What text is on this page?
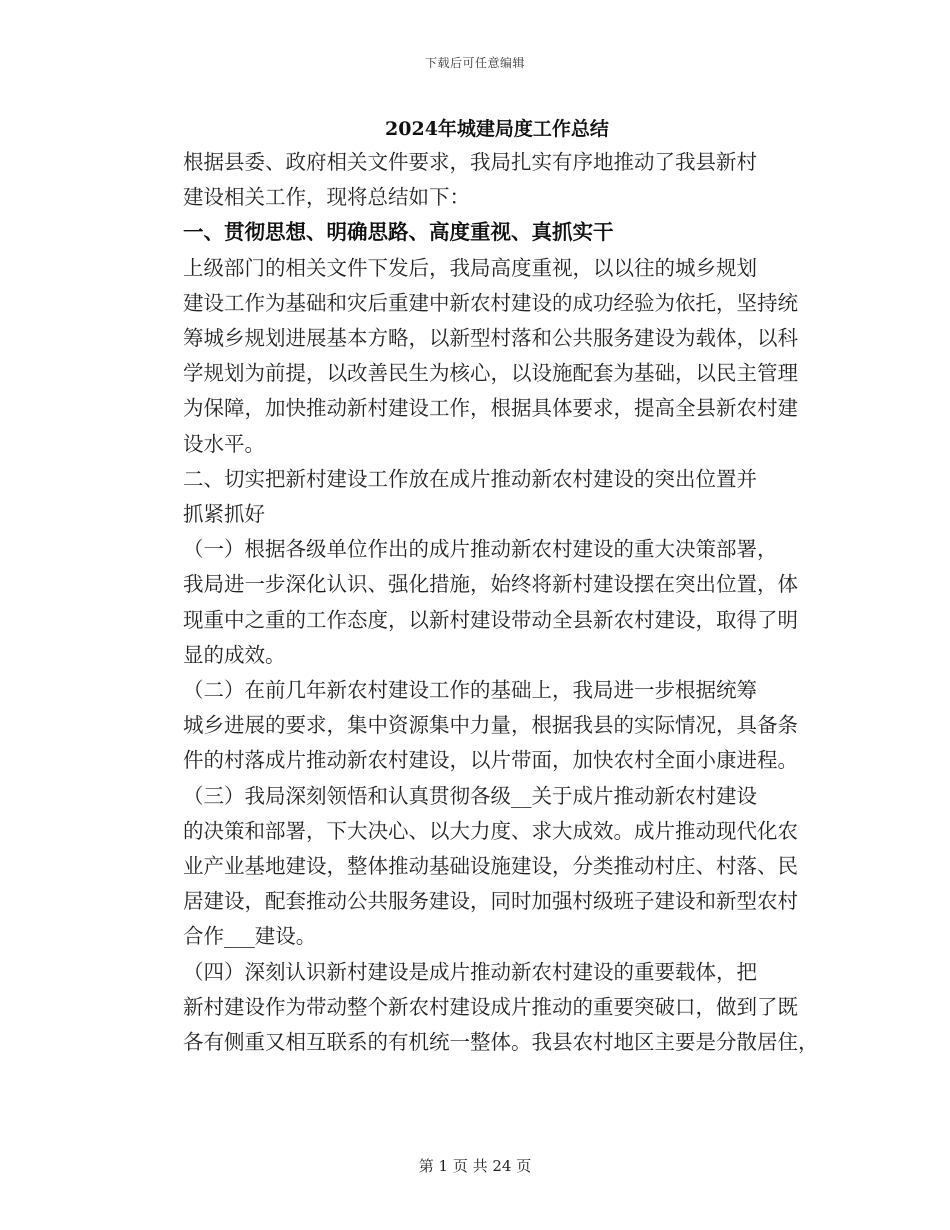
下载后可任意编辑
2024年城建局度工作总结

根据县委、政府相关文件要求，我局扎实有序地推动了我县新村
建设相关工作，现将总结如下：

一、贯彻思想、明确思路、高度重视、真抓实干

上级部门的相关文件下发后，我局高度重视，以以往的城乡规划
建设工作为基础和灾后重建中新农村建设的成功经验为依托，坚持统
筹城乡规划进展基本方略，以新型村落和公共服务建设为载体，以科
学规划为前提，以改善民生为核心，以设施配套为基础，以民主管理
为保障，加快推动新村建设工作，根据具体要求，提高全县新农村建
设水平。

二、切实把新村建设工作放在成片推动新农村建设的突出位置并
抓紧抓好

（一）根据各级单位作出的成片推动新农村建设的重大决策部署，
我局进一步深化认识、强化措施，始终将新村建设摆在突出位置，体
现重中之重的工作态度，以新村建设带动全县新农村建设，取得了明
显的成效。

（二）在前几年新农村建设工作的基础上，我局进一步根据统筹
城乡进展的要求，集中资源集中力量，根据我县的实际情况，具备条
件的村落成片推动新农村建设，以片带面，加快农村全面小康进程。

（三）我局深刻领悟和认真贯彻各级__关于成片推动新农村建设
的决策和部署，下大决心、以大力度、求大成效。成片推动现代化农
业产业基地建设，整体推动基础设施建设，分类推动村庄、村落、民
居建设，配套推动公共服务建设，同时加强村级班子建设和新型农村
合作___建设。

（四）深刻认识新村建设是成片推动新农村建设的重要载体，把
新村建设作为带动整个新农村建设成片推动的重要突破口，做到了既
各有侧重又相互联系的有机统一整体。我县农村地区主要是分散居住，

第 1 页 共 24 页
